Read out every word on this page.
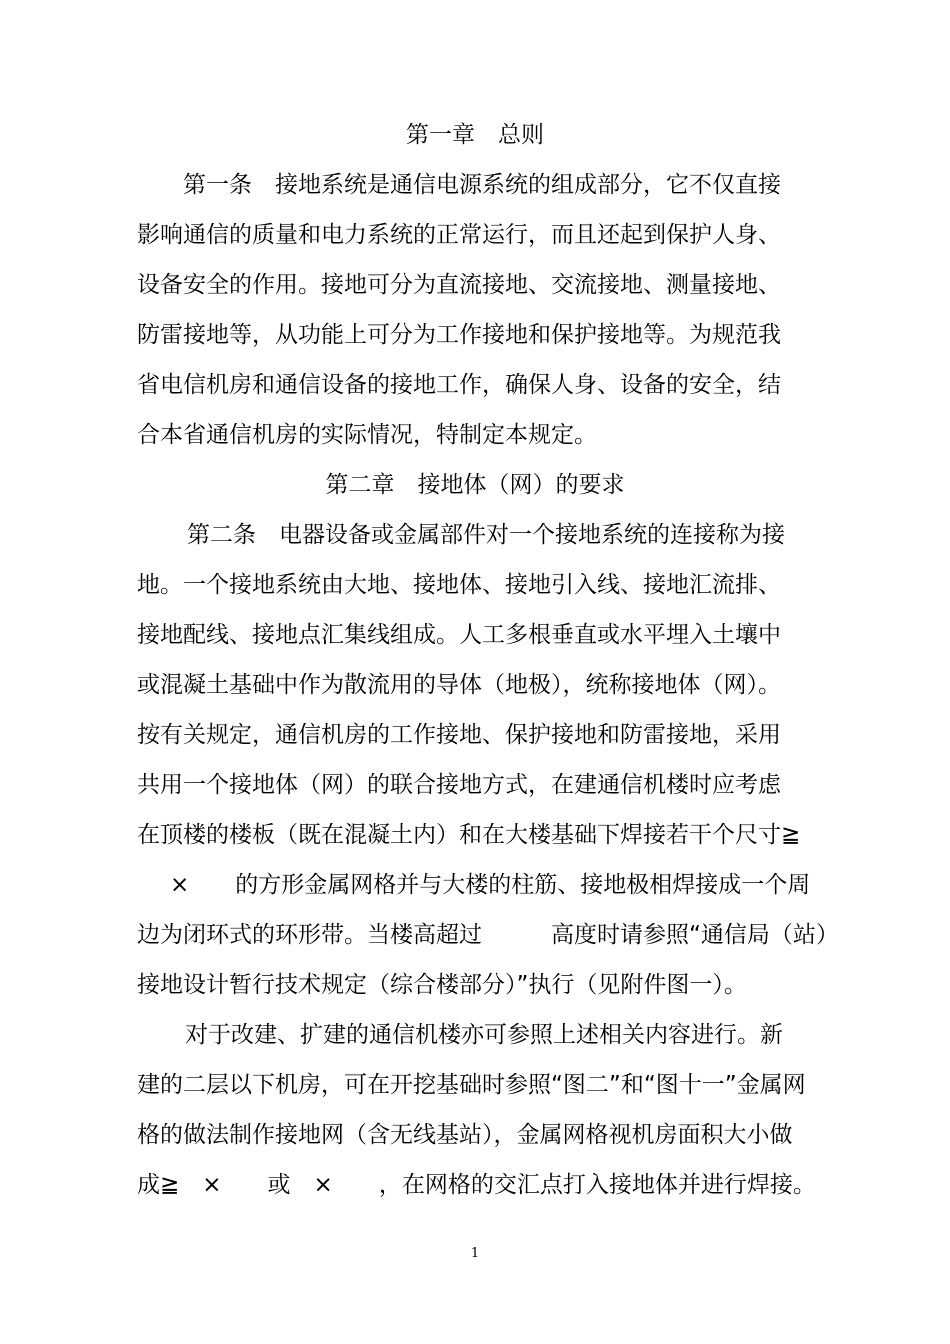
第一章　总则
第一条　接地系统是通信电源系统的组成部分，它不仅直接
影响通信的质量和电力系统的正常运行，而且还起到保护人身、
设备安全的作用。接地可分为直流接地、交流接地、测量接地、
防雷接地等，从功能上可分为工作接地和保护接地等。为规范我
省电信机房和通信设备的接地工作，确保人身、设备的安全，结
合本省通信机房的实际情况，特制定本规定。
第二章　接地体（网）的要求
第二条　电器设备或金属部件对一个接地系统的连接称为接
地。一个接地系统由大地、接地体、接地引入线、接地汇流排、
接地配线、接地点汇集线组成。人工多根垂直或水平埋入土壤中
或混凝土基础中作为散流用的导体（地极），统称接地体（网）。
按有关规定，通信机房的工作接地、保护接地和防雷接地，采用
共用一个接地体（网）的联合接地方式，在建通信机楼时应考虑
在顶楼的楼板（既在混凝土内）和在大楼基础下焊接若干个尺寸≧
×　　的方形金属网格并与大楼的柱筋、接地极相焊接成一个周
边为闭环式的环形带。当楼高超过　　　高度时请参照“通信局（站）
接地设计暂行技术规定（综合楼部分）”执行（见附件图一）。
对于改建、扩建的通信机楼亦可参照上述相关内容进行。新
建的二层以下机房，可在开挖基础时参照“图二”和“图十一”金属网
格的做法制作接地网（含无线基站），金属网格视机房面积大小做
成≧　×　　或　×　　，在网格的交汇点打入接地体并进行焊接。
1
